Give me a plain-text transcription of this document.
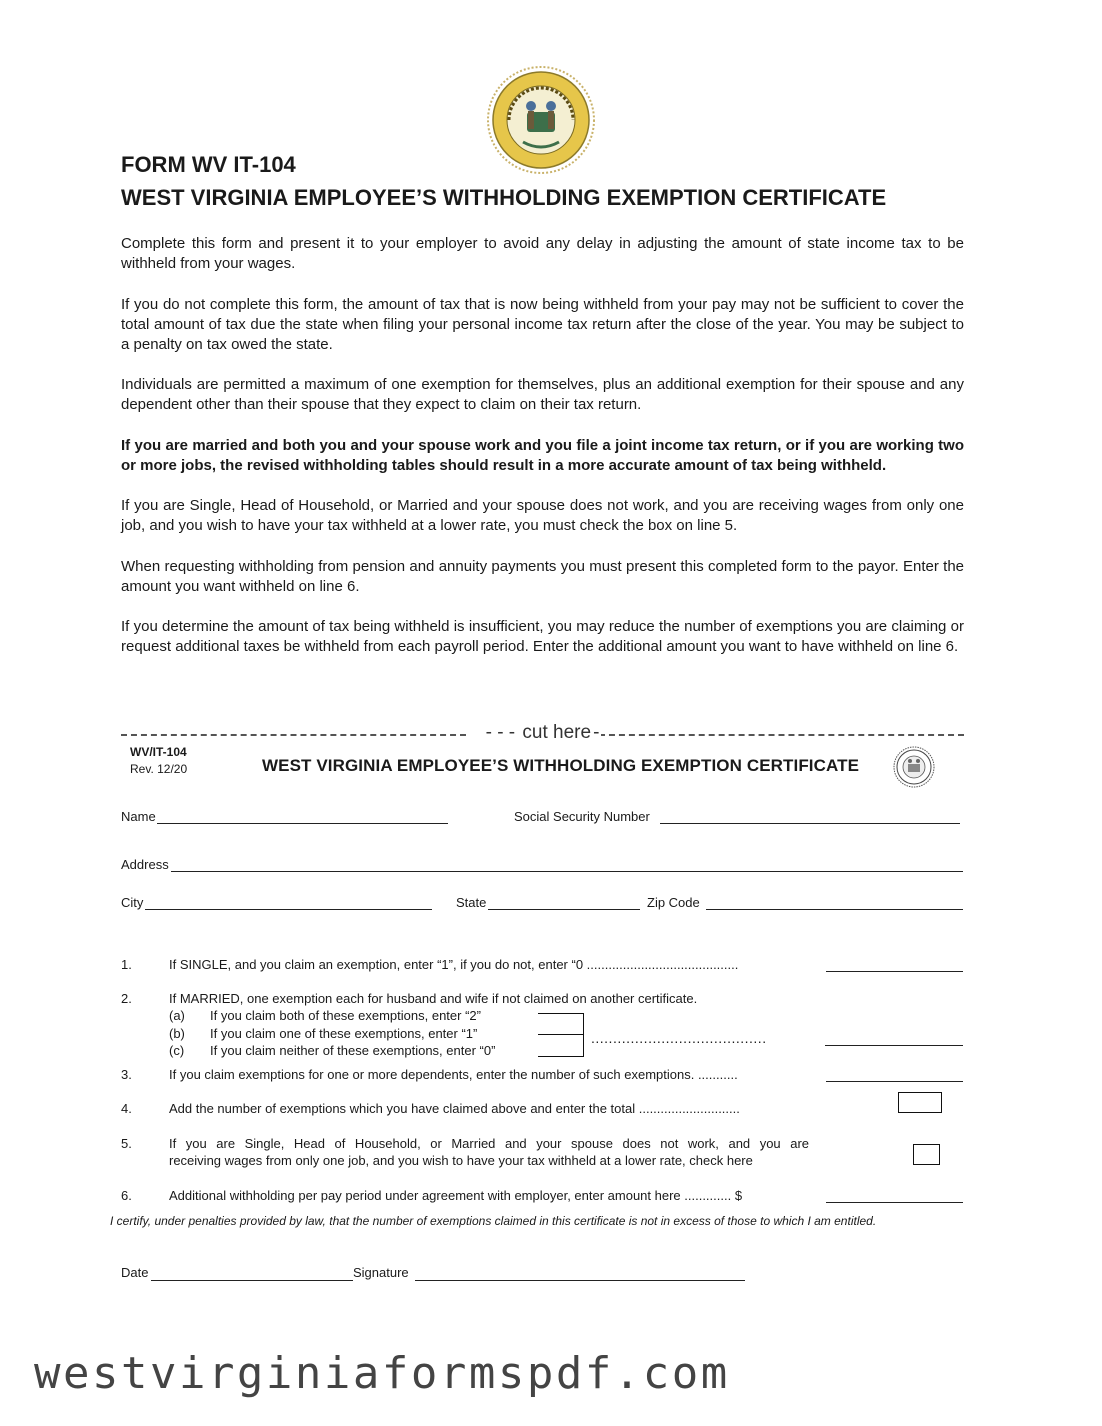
FORM WV IT-104
WEST VIRGINIA EMPLOYEE’S WITHHOLDING EXEMPTION CERTIFICATE

Complete this form and present it to your employer to avoid any delay in adjusting the amount of state income tax to be withheld from your wages.

If you do not complete this form, the amount of tax that is now being withheld from your pay may not be sufficient to cover the total amount of tax due the state when filing your personal income tax return after the close of the year. You may be subject to a penalty on tax owed the state.

Individuals are permitted a maximum of one exemption for themselves, plus an additional exemption for their spouse and any dependent other than their spouse that they expect to claim on their tax return.

If you are married and both you and your spouse work and you file a joint income tax return, or if you are working two or more jobs, the revised withholding tables should result in a more accurate amount of tax being withheld.

If you are Single, Head of Household, or Married and your spouse does not work, and you are receiving wages from only one job, and you wish to have your tax withheld at a lower rate, you must check the box on line 5.

When requesting withholding from pension and annuity payments you must present this completed form to the payor. Enter the amount you want withheld on line 6.

If you determine the amount of tax being withheld is insufficient, you may reduce the number of exemptions you are claiming or request additional taxes be withheld from each payroll period. Enter the additional amount you want to have withheld on line 6.

- - - cut here -
WV/IT-104
Rev. 12/20	WEST VIRGINIA EMPLOYEE’S WITHHOLDING EXEMPTION CERTIFICATE
Name	Social Security Number
Address
City	State	Zip Code
1.	If SINGLE, and you claim an exemption, enter “1”, if you do not, enter “0 ..........................................
2.	If MARRIED, one exemption each for husband and wife if not claimed on another certificate.
(a) If you claim both of these exemptions, enter “2”
(b) If you claim one of these exemptions, enter “1”
(c) If you claim neither of these exemptions, enter “0”
........................................
3.	If you claim exemptions for one or more dependents, enter the number of such exemptions. ...........
4.	Add the number of exemptions which you have claimed above and enter the total ............................
5.	If you are Single, Head of Household, or Married and your spouse does not work, and you are
receiving wages from only one job, and you wish to have your tax withheld at a lower rate, check here
6.	Additional withholding per pay period under agreement with employer, enter amount here ............. $
I certify, under penalties provided by law, that the number of exemptions claimed in this certificate is not in excess of those to which I am entitled.
Date	Signature
westvirginiaformspdf.com
